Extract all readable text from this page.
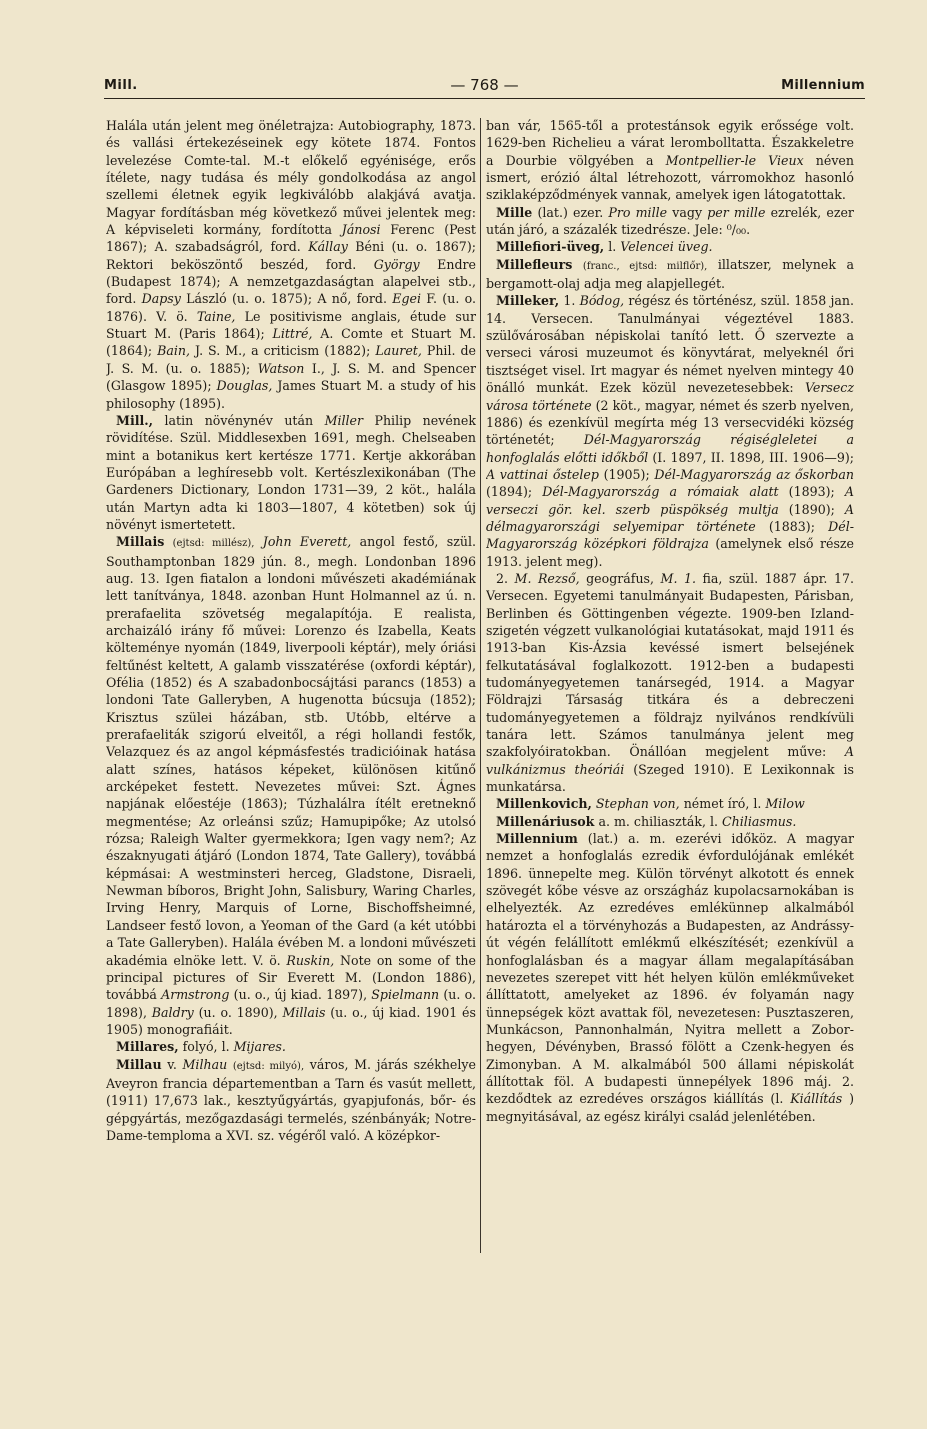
Mill.	— 768 —	Millennium

Halála után jelent meg önéletrajza: Autobiography, 1873. és vallási értekezéseinek egy kötete 1874. Fontos levelezése Comte-tal. M.-t előkelő egyénisége, erős ítélete, nagy tudása és mély gondolkodása az angol szellemi életnek egyik legkiválóbb alakjává avatja. Magyar fordításban még következő művei jelentek meg: A képviseleti kormány, fordította Jánosi Ferenc (Pest 1867); A. szabadságról, ford. Kállay Béni (u. o. 1867); Rektori beköszöntő beszéd, ford. György Endre (Budapest 1874); A nemzetgazdaságtan alapelvei stb., ford. Dapsy László (u. o. 1875); A nő, ford. Egei F. (u. o. 1876). V. ö. Taine, Le positivisme anglais, étude sur Stuart M. (Paris 1864); Littré, A. Comte et Stuart M. (1864); Bain, J. S. M., a criticism (1882); Lauret, Phil. de J. S. M. (u. o. 1885); Watson I., J. S. M. and Spencer (Glasgow 1895); Douglas, James Stuart M. a study of his philosophy (1895).

Mill., latin növénynév után Miller Philip nevének rövidítése. Szül. Middlesexben 1691, megh. Chelseaben mint a botanikus kert kertésze 1771. Kertje akkorában Európában a leghíresebb volt. Kertészlexikonában (The Gardeners Dictionary, London 1731—39, 2 köt., halála után Martyn adta ki 1803—1807, 4 kötetben) sok új növényt ismertetett.

Millais (ejtsd: millész), John Everett, angol festő, szül. Southamptonban 1829 jún. 8., megh. Londonban 1896 aug. 13. Igen fiatalon a londoni művészeti akadémiának lett tanítványa, 1848. azonban Hunt Holmannel az ú. n. prerafaelita szövetség megalapítója. E realista, archaizáló irány fő művei: Lorenzo és Izabella, Keats költeménye nyomán (1849, liverpooli képtár), mely óriási feltűnést keltett, A galamb visszatérése (oxfordi képtár), Ofélia (1852) és A szabadonbocsájtási parancs (1853) a londoni Tate Galleryben, A hugenotta búcsuja (1852); Krisztus szülei házában, stb. Utóbb, eltérve a prerafaeliták szigorú elveitől, a régi hollandi festők, Velazquez és az angol képmásfestés tradicióinak hatása alatt színes, hatásos képeket, különösen kitűnő arcképeket festett. Nevezetes művei: Szt. Ágnes napjának előestéje (1863); Túzhalálra ítélt eretneknő megmentése; Az orleánsi szűz; Hamupipőke; Az utolsó rózsa; Raleigh Walter gyermekkora; Igen vagy nem?; Az északnyugati átjáró (London 1874, Tate Gallery), továbbá képmásai: A westminsteri herceg, Gladstone, Disraeli, Newman bíboros, Bright John, Salisbury, Waring Charles, Irving Henry, Marquis of Lorne, Bischoffsheimné, Landseer festő lovon, a Yeoman of the Gard (a két utóbbi a Tate Galleryben). Halála évében M. a londoni művészeti akadémia elnöke lett. V. ö. Ruskin, Note on some of the principal pictures of Sir Everett M. (London 1886), továbbá Armstrong (u. o., új kiad. 1897), Spielmann (u. o. 1898), Baldry (u. o. 1890), Millais (u. o., új kiad. 1901 és 1905) monografiáit.

Millares, folyó, l. Mijares.

Millau v. Milhau (ejtsd: milyó), város, M. járás székhelye Aveyron francia départementban a Tarn és vasút mellett, (1911) 17,673 lak., kesztyűgyártás, gyapjufonás, bőr- és gépgyártás, mezőgazdasági termelés, szénbányák; Notre-Dame-temploma a XVI. sz. végéről való. A középkor-

ban vár, 1565-től a protestánsok egyik erőssége volt. 1629-ben Richelieu a várat lerombolltatta. Északkeletre a Dourbie völgyében a Montpellier-le Vieux néven ismert, erózió által létrehozott, várromokhoz hasonló sziklaképződmények vannak, amelyek igen látogatottak.

Mille (lat.) ezer. Pro mille vagy per mille ezrelék, ezer után járó, a százalék tizedrésze. Jele: ⁰/₀₀.

Millefiori-üveg, l. Velencei üveg.

Millefleurs (franc., ejtsd: milflőr), illatszer, melynek a bergamott-olaj adja meg alapjellegét.

Milleker, 1. Bódog, régész és történész, szül. 1858 jan. 14. Versecen. Tanulmányai végeztével 1883. szülővárosában népiskolai tanító lett. Ő szervezte a verseci városi muzeumot és könyvtárat, melyeknél őri tisztséget visel. Irt magyar és német nyelven mintegy 40 önálló munkát. Ezek közül nevezetesebbek: Versecz városa története (2 köt., magyar, német és szerb nyelven, 1886) és ezenkívül megírta még 13 versecvidéki község történetét; Dél-Magyarország régiségleletei a honfoglalás előtti időkből (I. 1897, II. 1898, III. 1906—9); A vattinai őstelep (1905); Dél-Magyarország az őskorban (1894); Dél-Magyarország a rómaiak alatt (1893); A verseczi gör. kel. szerb püspökség multja (1890); A délmagyarországi selyemipar története (1883); Dél-Magyarország középkori földrajza (amelynek első része 1913. jelent meg).

2. M. Rezső, geográfus, M. 1. fia, szül. 1887 ápr. 17. Versecen. Egyetemi tanulmányait Budapesten, Párisban, Berlinben és Göttingenben végezte. 1909-ben Izland-szigetén végzett vulkanológiai kutatásokat, majd 1911 és 1913-ban Kis-Ázsia kevéssé ismert belsejének felkutatásával foglalkozott. 1912-ben a budapesti tudományegyetemen tanársegéd, 1914. a Magyar Földrajzi Társaság titkára és a debreczeni tudományegyetemen a földrajz nyilvános rendkívüli tanára lett. Számos tanulmánya jelent meg szakfolyóiratokban. Önállóan megjelent műve: A vulkánizmus theóriái (Szeged 1910). E Lexikonnak is munkatársa.

Millenkovich, Stephan von, német író, l. Milow

Millenáriusok a. m. chiliaszták, l. Chiliasmus.

Millennium (lat.) a. m. ezerévi időköz. A magyar nemzet a honfoglalás ezredik évfordulójának emlékét 1896. ünnepelte meg. Külön törvényt alkotott és ennek szövegét kőbe vésve az országház kupolacsarnokában is elhelyezték. Az ezredéves emlékünnep alkalmából határozta el a törvényhozás a Budapesten, az Andrássy-út végén felállított emlékmű elkészítését; ezenkívül a honfoglalásban és a magyar állam megalapításában nevezetes szerepet vitt hét helyen külön emlékműveket állíttatott, amelyeket az 1896. év folyamán nagy ünnepségek közt avattak föl, nevezetesen: Pusztaszeren, Munkácson, Pannonhalmán, Nyitra mellett a Zobor-hegyen, Dévényben, Brassó fölött a Czenk-hegyen és Zimonyban. A M. alkalmából 500 állami népiskolát állítottak föl. A budapesti ünnepélyek 1896 máj. 2. kezdődtek az ezredéves országos kiállítás (l. Kiállítás ) megnyitásával, az egész királyi család jelenlétében.
